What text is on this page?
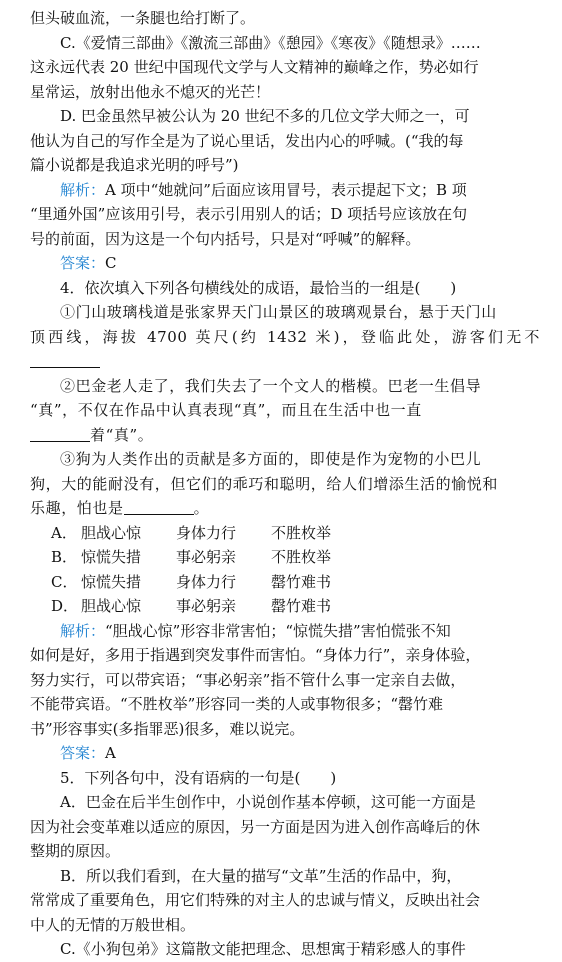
但头破血流，一条腿也给打断了。

C.《爱情三部曲》《激流三部曲》《憩园》《寒夜》《随想录》……

这永远代表 20 世纪中国现代文学与人文精神的巅峰之作，势必如行

星常运，放射出他永不熄灭的光芒！

D. 巴金虽然早被公认为 20 世纪不多的几位文学大师之一，可

他认为自己的写作全是为了说心里话，发出内心的呼喊。(“我的每

篇小说都是我追求光明的呼号”)

解析：A 项中“她就问”后面应该用冒号，表示提起下文；B 项

“里通外国”应该用引号，表示引用别人的话；D 项括号应该放在句

号的前面，因为这是一个句内括号，只是对“呼喊”的解释。

答案：C

4．依次填入下列各句横线处的成语，最恰当的一组是(　　)

①门山玻璃栈道是张家界天门山景区的玻璃观景台，悬于天门山

顶西线，海拔 4700 英尺(约 1432 米)，登临此处，游客们无不

②巴金老人走了，我们失去了一个文人的楷模。巴老一生倡导

“真”，不仅在作品中认真表现“真”，而且在生活中也一直

着“真”。

③狗为人类作出的贡献是多方面的，即使是作为宠物的小巴儿

狗，大的能耐没有，但它们的乖巧和聪明，给人们增添生活的愉悦和

乐趣，怕也是	。

A． 胆战心惊	身体力行	不胜枚举
B． 惊慌失措	事必躬亲	不胜枚举
C． 惊慌失措	身体力行	罄竹难书
D． 胆战心惊	事必躬亲	罄竹难书

解析：“胆战心惊”形容非常害怕；“惊慌失措”害怕慌张不知

如何是好，多用于指遇到突发事件而害怕。“身体力行”，亲身体验，

努力实行，可以带宾语；“事必躬亲”指不管什么事一定亲自去做，

不能带宾语。“不胜枚举”形容同一类的人或事物很多；“罄竹难

书”形容事实(多指罪恶)很多，难以说完。

答案：A

5．下列各句中，没有语病的一句是(　　)

A．巴金在后半生创作中，小说创作基本停顿，这可能一方面是

因为社会变革难以适应的原因，另一方面是因为进入创作高峰后的休

整期的原因。

B．所以我们看到，在大量的描写“文革”生活的作品中，狗，

常常成了重要角色，用它们特殊的对主人的忠诚与情义，反映出社会

中人的无情的万般世相。

C.《小狗包弟》这篇散文能把理念、思想寓于精彩感人的事件
